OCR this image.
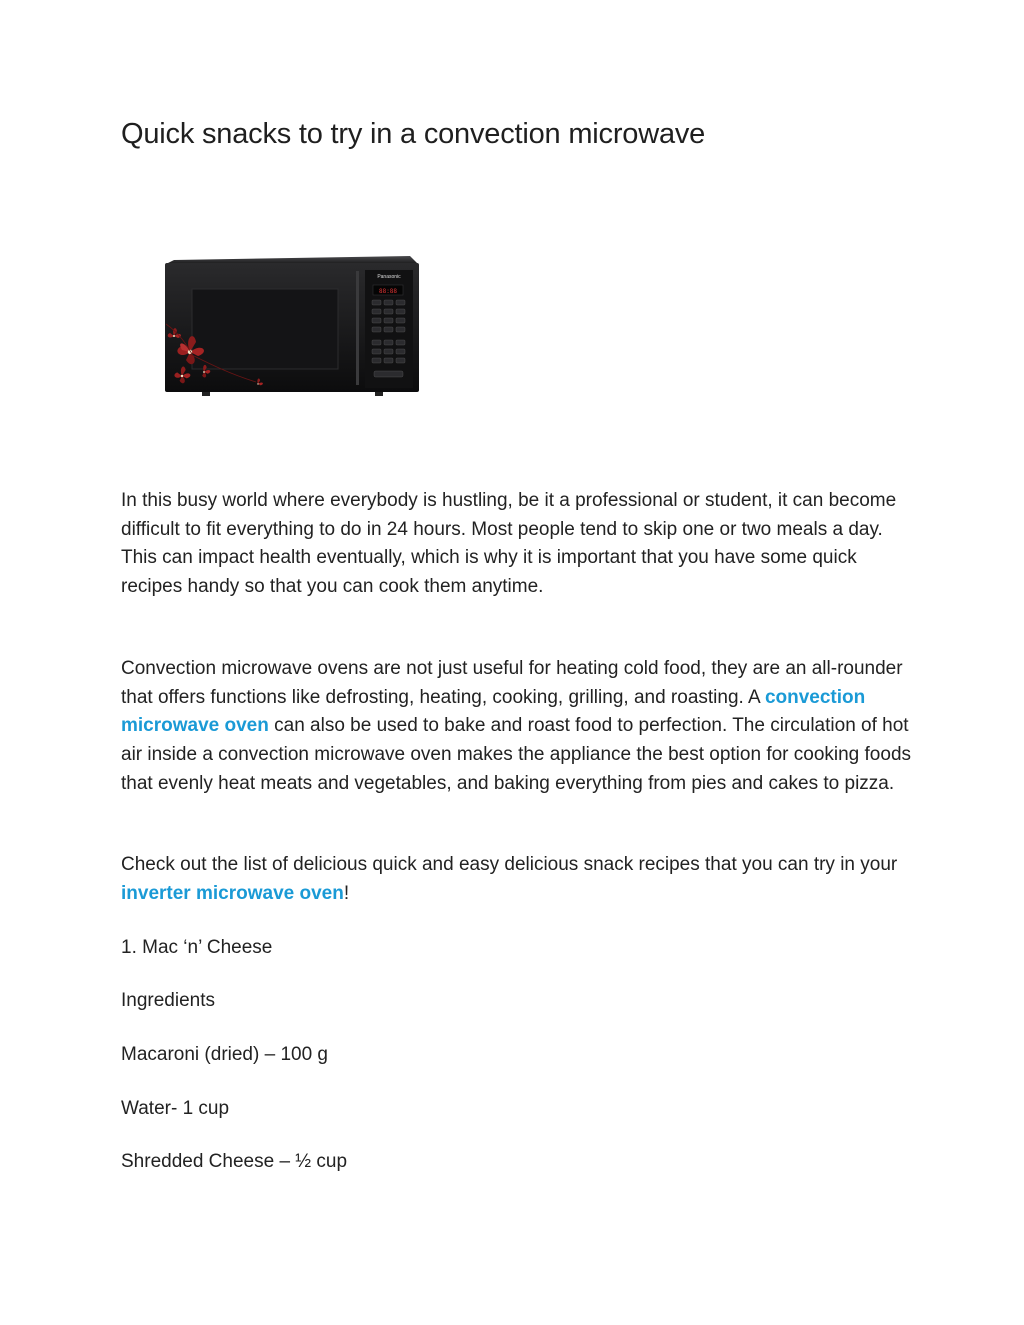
Quick snacks to try in a convection microwave
88:88
Panasonic

In this busy world where everybody is hustling, be it a professional or student, it can become difficult to fit everything to do in 24 hours. Most people tend to skip one or two meals a day. This can impact health eventually, which is why it is important that you have some quick recipes handy so that you can cook them anytime.

Convection microwave ovens are not just useful for heating cold food, they are an all-rounder that offers functions like defrosting, heating, cooking, grilling, and roasting. A convection microwave oven can also be used to bake and roast food to perfection. The circulation of hot air inside a convection microwave oven makes the appliance the best option for cooking foods that evenly heat meats and vegetables, and baking everything from pies and cakes to pizza.

Check out the list of delicious quick and easy delicious snack recipes that you can try in your inverter microwave oven!

1. Mac ‘n’ Cheese

Ingredients

Macaroni (dried) – 100 g

Water- 1 cup

Shredded Cheese – ½ cup
